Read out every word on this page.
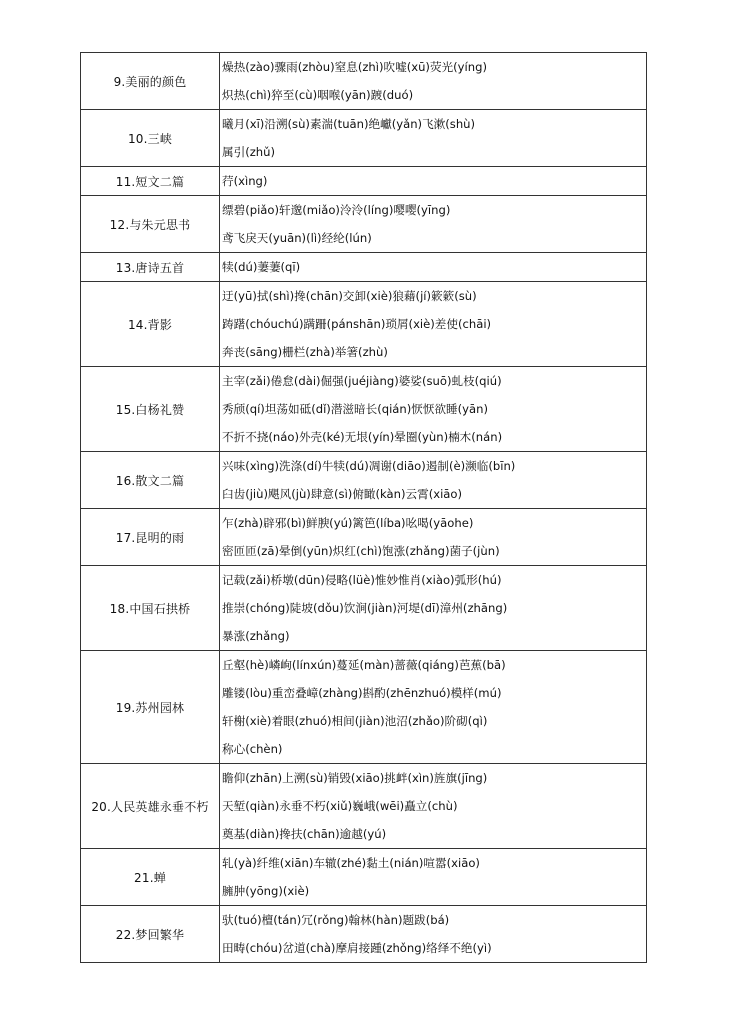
9.美丽的颜色	燥热(zào)骤雨(zhòu)窒息(zhì)吹嘘(xū)荧光(yíng)
炽热(chì)猝至(cù)咽喉(yān)踱(duó)

10.三峡	曦月(xī)沿溯(sù)素湍(tuān)绝巘(yǎn)飞漱(shù)
属引(zhǔ)

11.短文二篇	荇(xìng)

12.与朱元思书	缥碧(piǎo)轩邈(miǎo)泠泠(líng)嘤嘤(yīng)
鸢飞戾天(yuān)(lì)经纶(lún)

13.唐诗五首	犊(dú)萋萋(qī)

14.背影	迂(yū)拭(shì)搀(chān)交卸(xiè)狼藉(jí)簌簌(sù)
踌躇(chóuchú)蹒跚(pánshān)琐屑(xiè)差使(chāi)
奔丧(sāng)栅栏(zhà)举箸(zhù)

15.白杨礼赞	主宰(zǎi)倦怠(dài)倔强(juéjiàng)婆娑(suō)虬枝(qiú)
秀颀(qí)坦荡如砥(dǐ)潜滋暗长(qián)恹恹欲睡(yān)
不折不挠(náo)外壳(ké)无垠(yín)晕圈(yùn)楠木(nán)

16.散文二篇	兴味(xìng)洗涤(dí)牛犊(dú)凋谢(diāo)遏制(è)濒临(bīn)
臼齿(jiù)飓风(jù)肆意(sì)俯瞰(kàn)云霄(xiāo)

17.昆明的雨	乍(zhà)辟邪(bì)鲜腴(yú)篱笆(líba)吆喝(yāohe)
密匝匝(zā)晕倒(yūn)炽红(chì)饱涨(zhǎng)菌子(jùn)

18.中国石拱桥	记载(zǎi)桥墩(dūn)侵略(lüè)惟妙惟肖(xiào)弧形(hú)
推崇(chóng)陡坡(dǒu)饮涧(jiàn)河堤(dī)漳州(zhāng)
暴涨(zhǎng)

19.苏州园林	丘壑(hè)嶙峋(línxún)蔓延(màn)蔷薇(qiáng)芭蕉(bā)
雕镂(lòu)重峦叠嶂(zhàng)斟酌(zhēnzhuó)模样(mú)
轩榭(xiè)着眼(zhuó)相间(jiàn)池沼(zhǎo)阶砌(qì)
称心(chèn)

20.人民英雄永垂不朽	瞻仰(zhān)上溯(sù)销毁(xiāo)挑衅(xìn)旌旗(jīng)
天堑(qiàn)永垂不朽(xiǔ)巍峨(wēi)矗立(chù)
奠基(diàn)搀扶(chān)逾越(yú)

21.蝉	轧(yà)纤维(xiān)车辙(zhé)黏土(nián)喧嚣(xiāo)
臃肿(yōng)(xiè)

22.梦回繁华	驮(tuó)檀(tán)冗(rǒng)翰林(hàn)题跋(bá)
田畴(chóu)岔道(chà)摩肩接踵(zhǒng)络绎不绝(yì)
